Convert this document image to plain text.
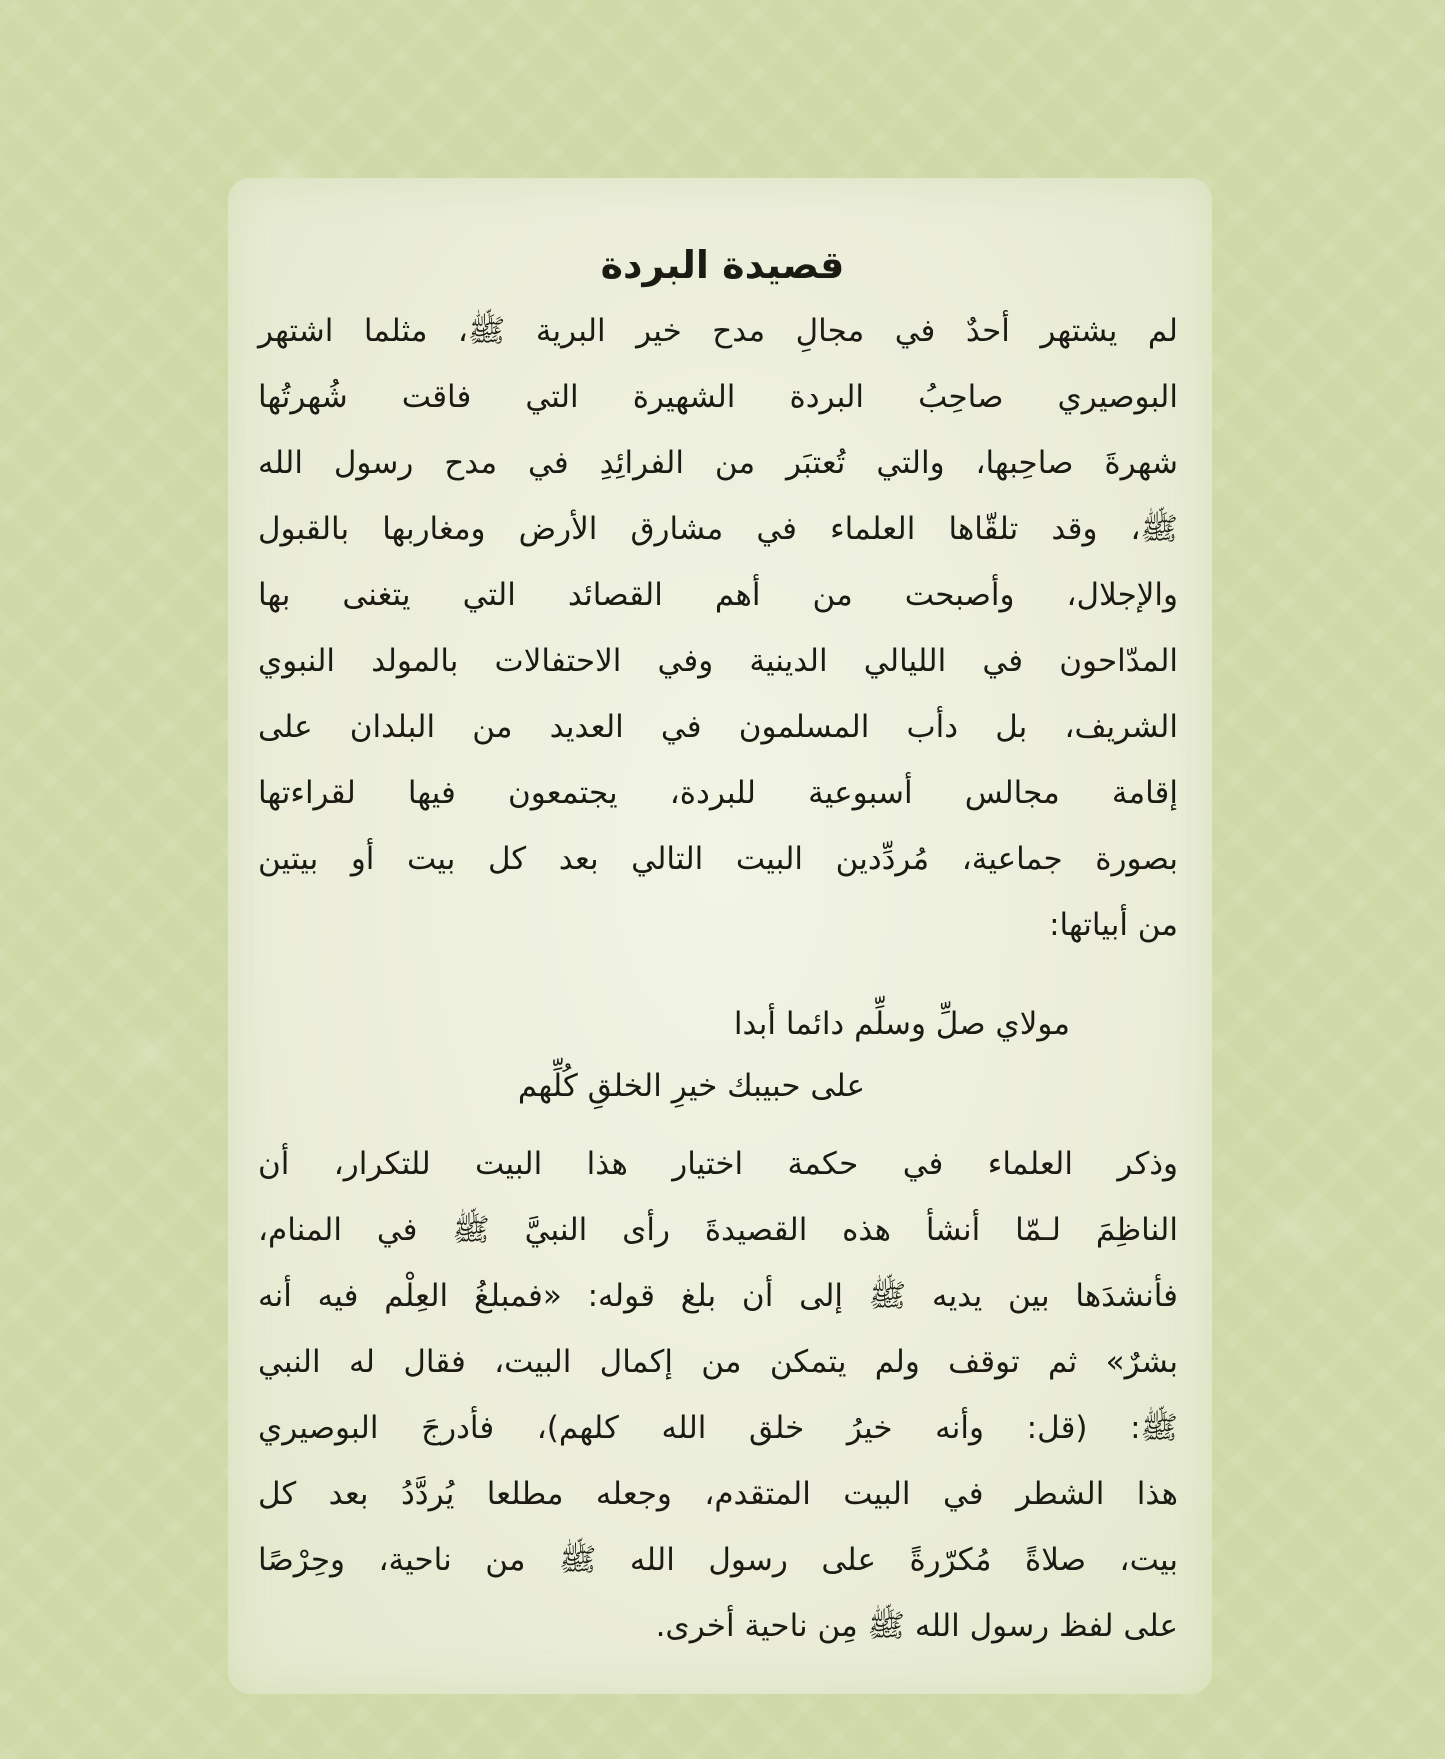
قصيدة البردة
لم يشتهر أحدٌ في مجالِ مدح خير البرية ﷺ، مثلما اشتهر
البوصيري صاحِبُ البردة الشهيرة التي فاقت شُهرتُها
شهرةَ صاحِبها، والتي تُعتبَر من الفرائِدِ في مدح رسول الله
ﷺ، وقد تلقّاها العلماء في مشارق الأرض ومغاربها بالقبول
والإجلال، وأصبحت من أهم القصائد التي يتغنى بها
المدّاحون في الليالي الدينية وفي الاحتفالات بالمولد النبوي
الشريف، بل دأب المسلمون في العديد من البلدان على
إقامة مجالس أسبوعية للبردة، يجتمعون فيها لقراءتها
بصورة جماعية، مُردِّدين البيت التالي بعد كل بيت أو بيتين
من أبياتها:
مولاي صلِّ وسلِّم دائما أبدا
على حبيبك خيرِ الخلقِ كُلِّهم
وذكر العلماء في حكمة اختيار هذا البيت للتكرار، أن
الناظِمَ لـمّا أنشأ هذه القصيدةَ رأى النبيَّ ﷺ في المنام،
فأنشدَها بين يديه ﷺ إلى أن بلغ قوله: «فمبلغُ العِلْم فيه أنه
بشرٌ» ثم توقف ولم يتمكن من إكمال البيت، فقال له النبي
ﷺ: (قل: وأنه خيرُ خلق الله كلهم)، فأدرجَ البوصيري
هذا الشطر في البيت المتقدم، وجعله مطلعا يُردَّدُ بعد كل
بيت، صلاةً مُكرّرةً على رسول الله ﷺ من ناحية، وحِرْصًا
على لفظ رسول الله ﷺ مِن ناحية أخرى.
